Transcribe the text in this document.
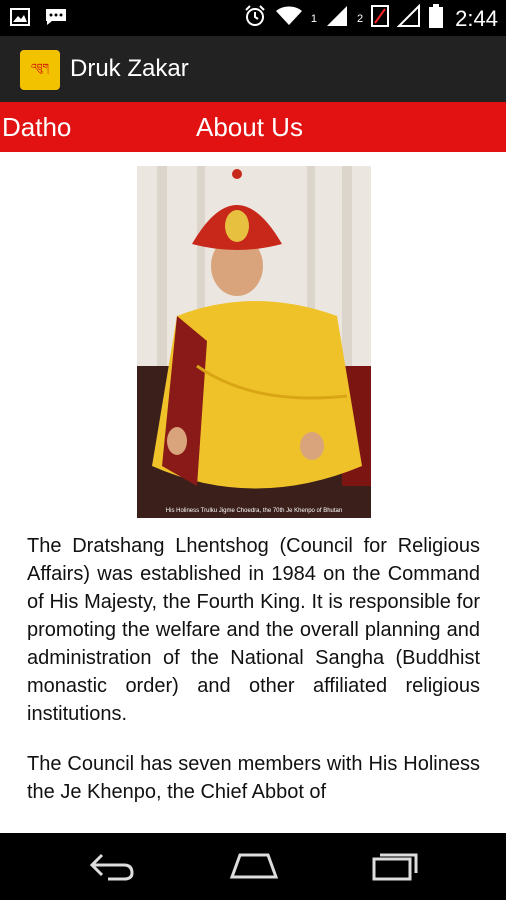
1	2	2:44
འབྲུག Druk Zakar
Datho	About Us
His Holiness Trulku Jigme Choedra, the 70th Je Khenpo of Bhutan

The Dratshang Lhentshog (Council for Religious Affairs) was established in 1984 on the Command of His Majesty, the Fourth King. It is responsible for promoting the welfare and the overall planning and administration of the National Sangha (Buddhist monastic order) and other affiliated religious institutions.

The Council has seven members with His Holiness the Je Khenpo, the Chief Abbot of
